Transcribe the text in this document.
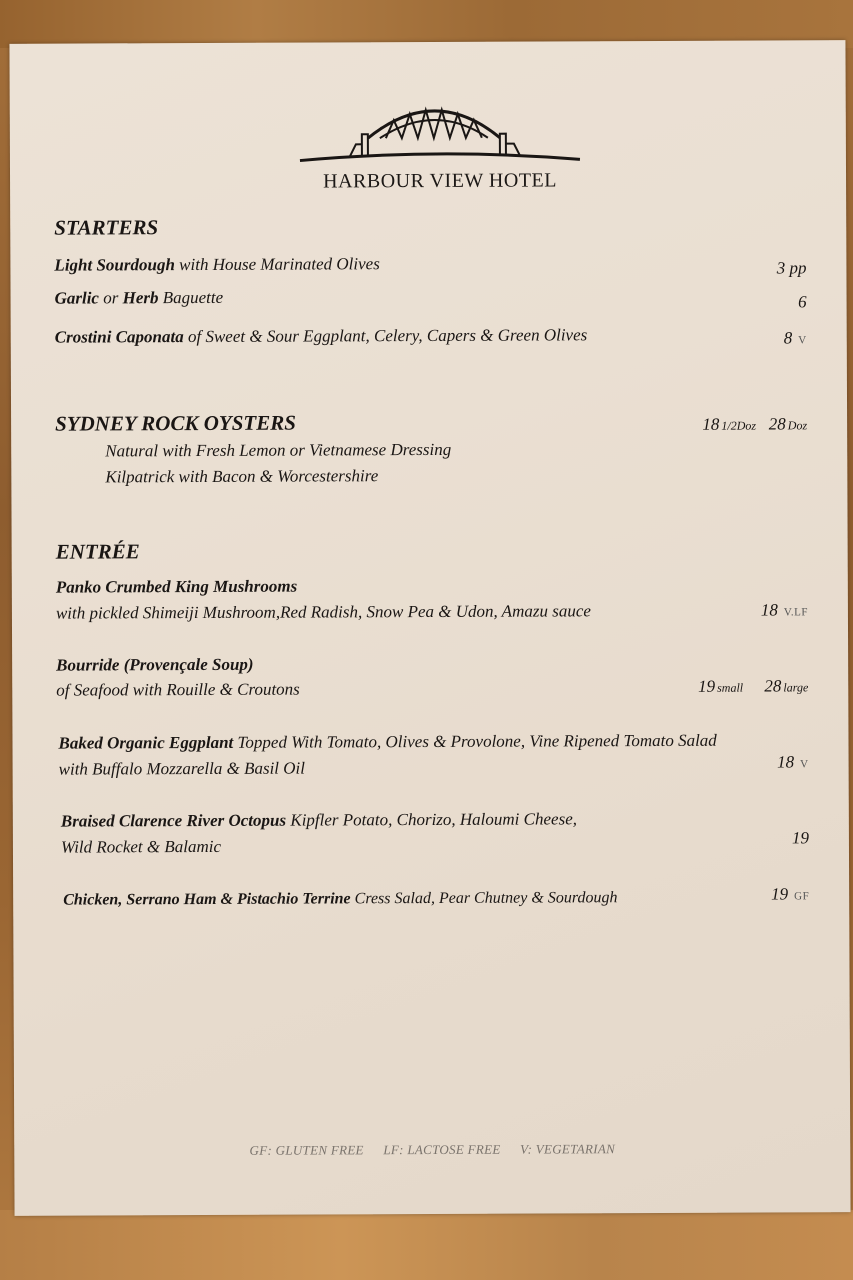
HARBOUR VIEW HOTEL
STARTERS
Light Sourdough with House Marinated Olives	3 pp
Garlic or Herb Baguette	6
Crostini Caponata of Sweet & Sour Eggplant, Celery, Capers & Green Olives	8 V
SYDNEY ROCK OYSTERS	18 1/2Doz 28 Doz
Natural with Fresh Lemon or Vietnamese Dressing
Kilpatrick with Bacon & Worcestershire
ENTRÉE
Panko Crumbed King Mushrooms
with pickled Shimeiji Mushroom,Red Radish, Snow Pea & Udon, Amazu sauce	18 V.LF
Bourride (Provençale Soup)
of Seafood with Rouille & Croutons	19 small 28 large
Baked Organic Eggplant Topped With Tomato, Olives & Provolone, Vine Ripened Tomato Salad
with Buffalo Mozzarella & Basil Oil	18 V
Braised Clarence River Octopus Kipfler Potato, Chorizo, Haloumi Cheese,
Wild Rocket & Balamic	19
Chicken, Serrano Ham & Pistachio Terrine Cress Salad, Pear Chutney & Sourdough	19 GF
GF: GLUTEN FREE LF: LACTOSE FREE V: VEGETARIAN
